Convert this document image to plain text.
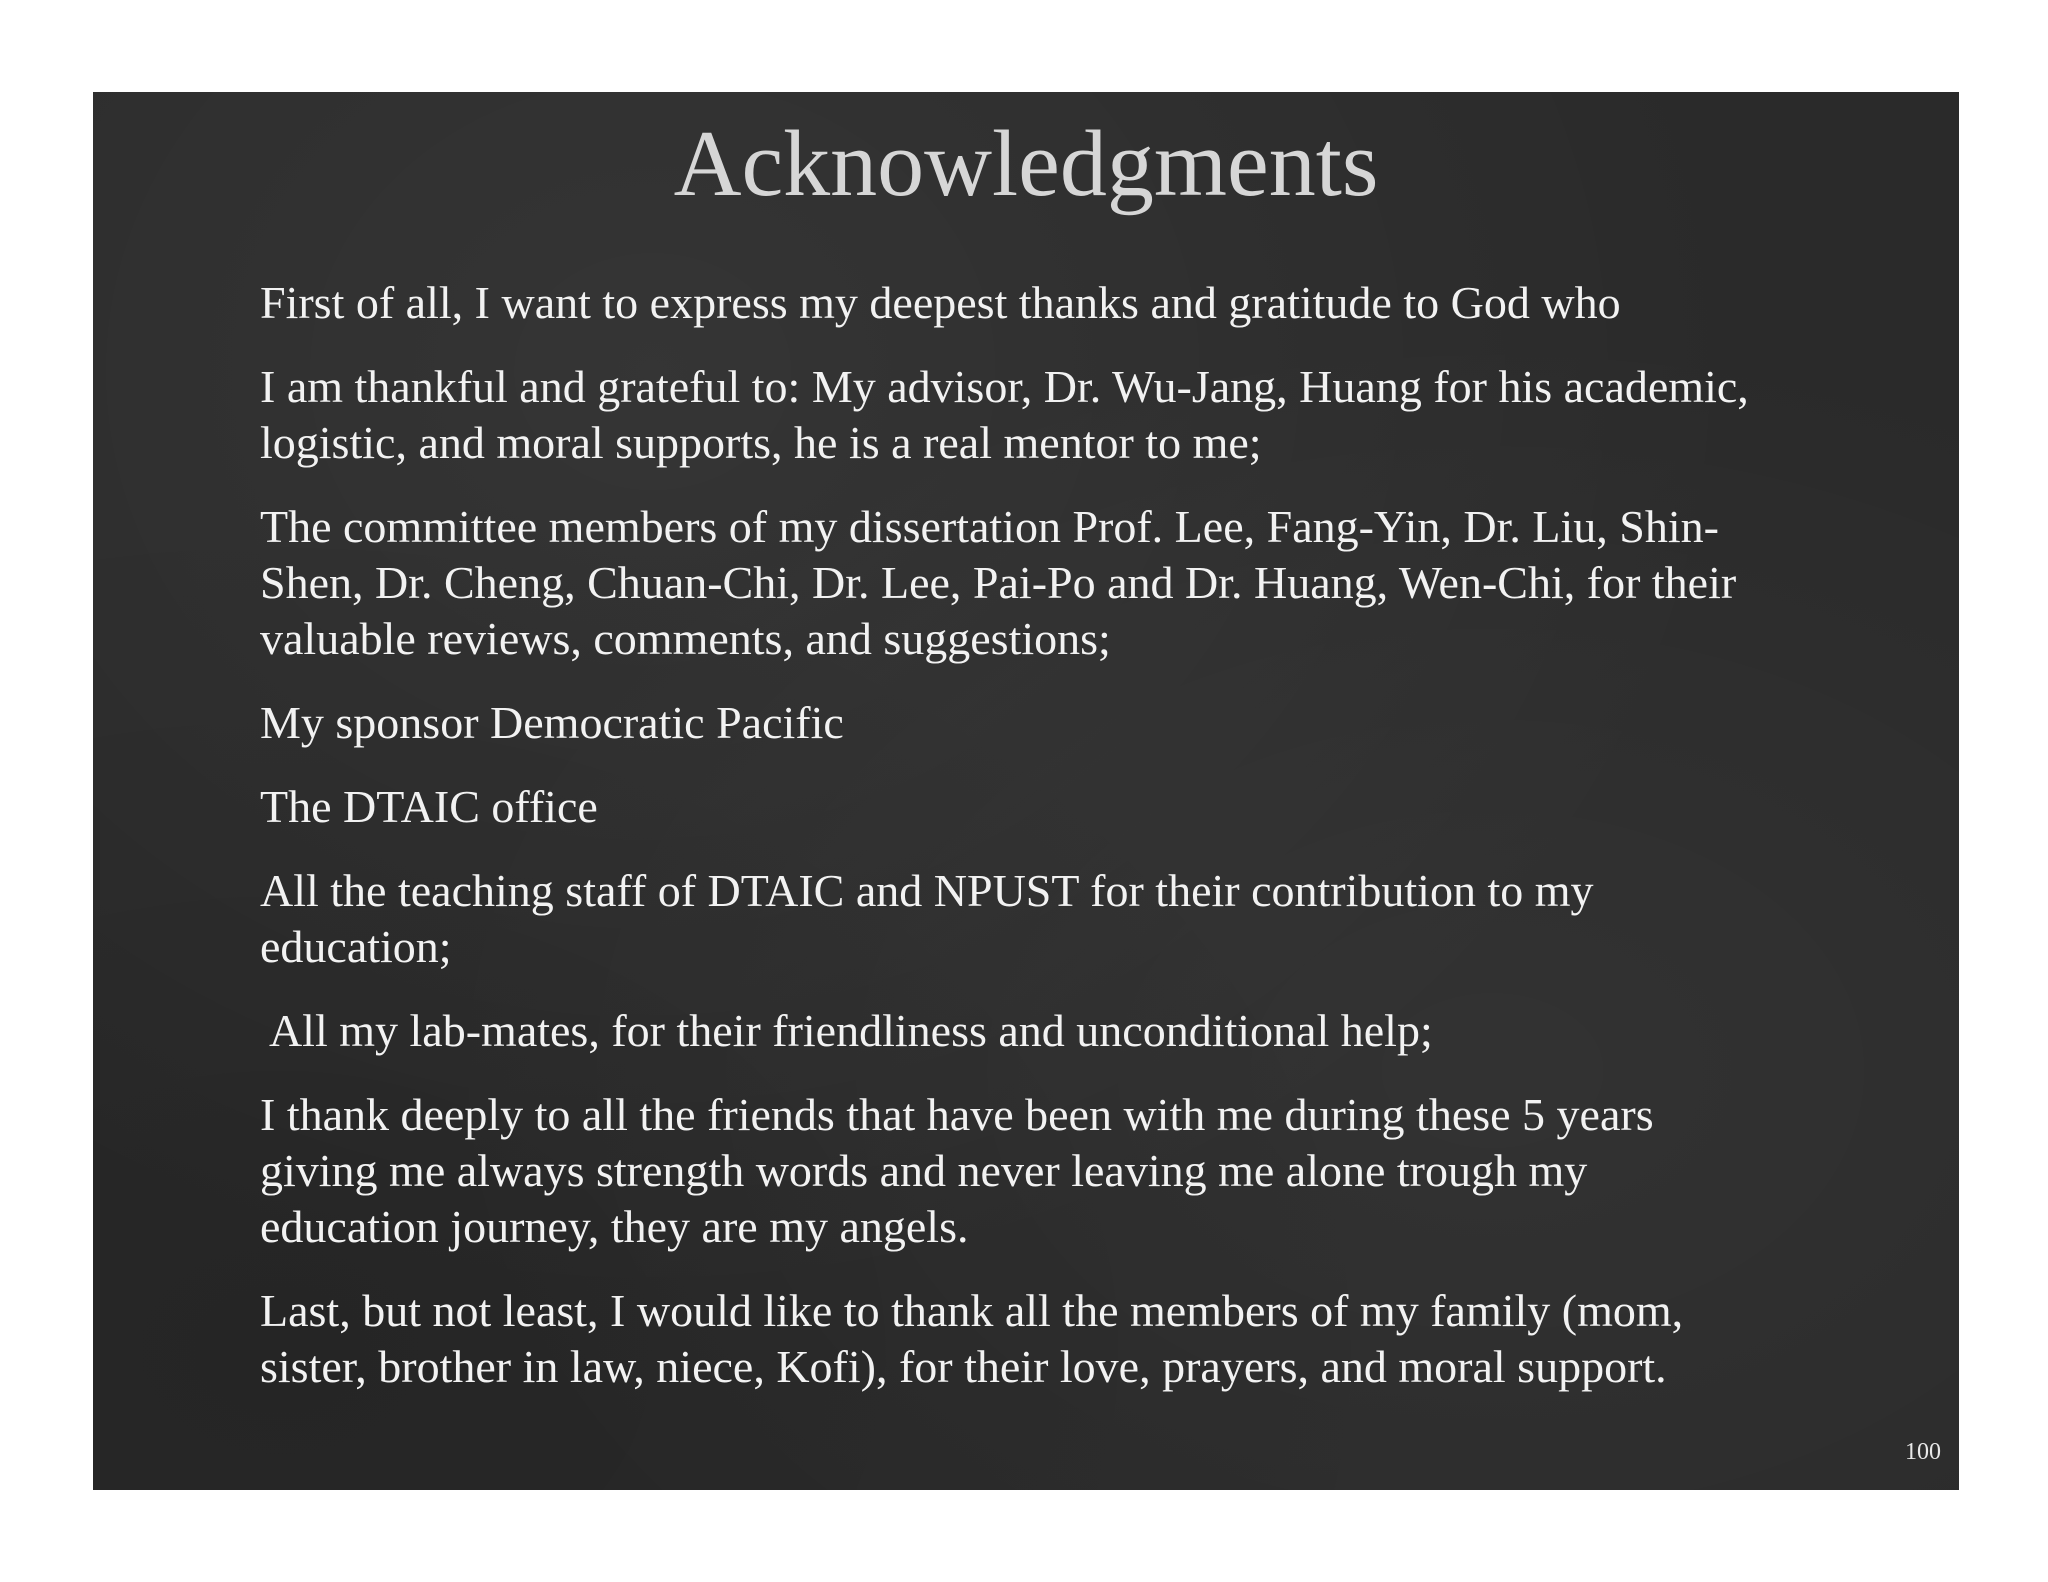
Acknowledgments

First of all, I want to express my deepest thanks and gratitude to God who

I am thankful and grateful to: My advisor, Dr. Wu-Jang, Huang for his academic,
logistic, and moral supports, he is a real mentor to me;

The committee members of my dissertation Prof. Lee, Fang-Yin, Dr. Liu, Shin-
Shen, Dr. Cheng, Chuan-Chi, Dr. Lee, Pai-Po and Dr. Huang, Wen-Chi, for their
valuable reviews, comments, and suggestions;

My sponsor Democratic Pacific

The DTAIC office

All the teaching staff of DTAIC and NPUST for their contribution to my
education;

All my lab-mates, for their friendliness and unconditional help;

I thank deeply to all the friends that have been with me during these 5 years
giving me always strength words and never leaving me alone trough my
education journey, they are my angels.

Last, but not least, I would like to thank all the members of my family (mom,
sister, brother in law, niece, Kofi), for their love, prayers, and moral support.

100
